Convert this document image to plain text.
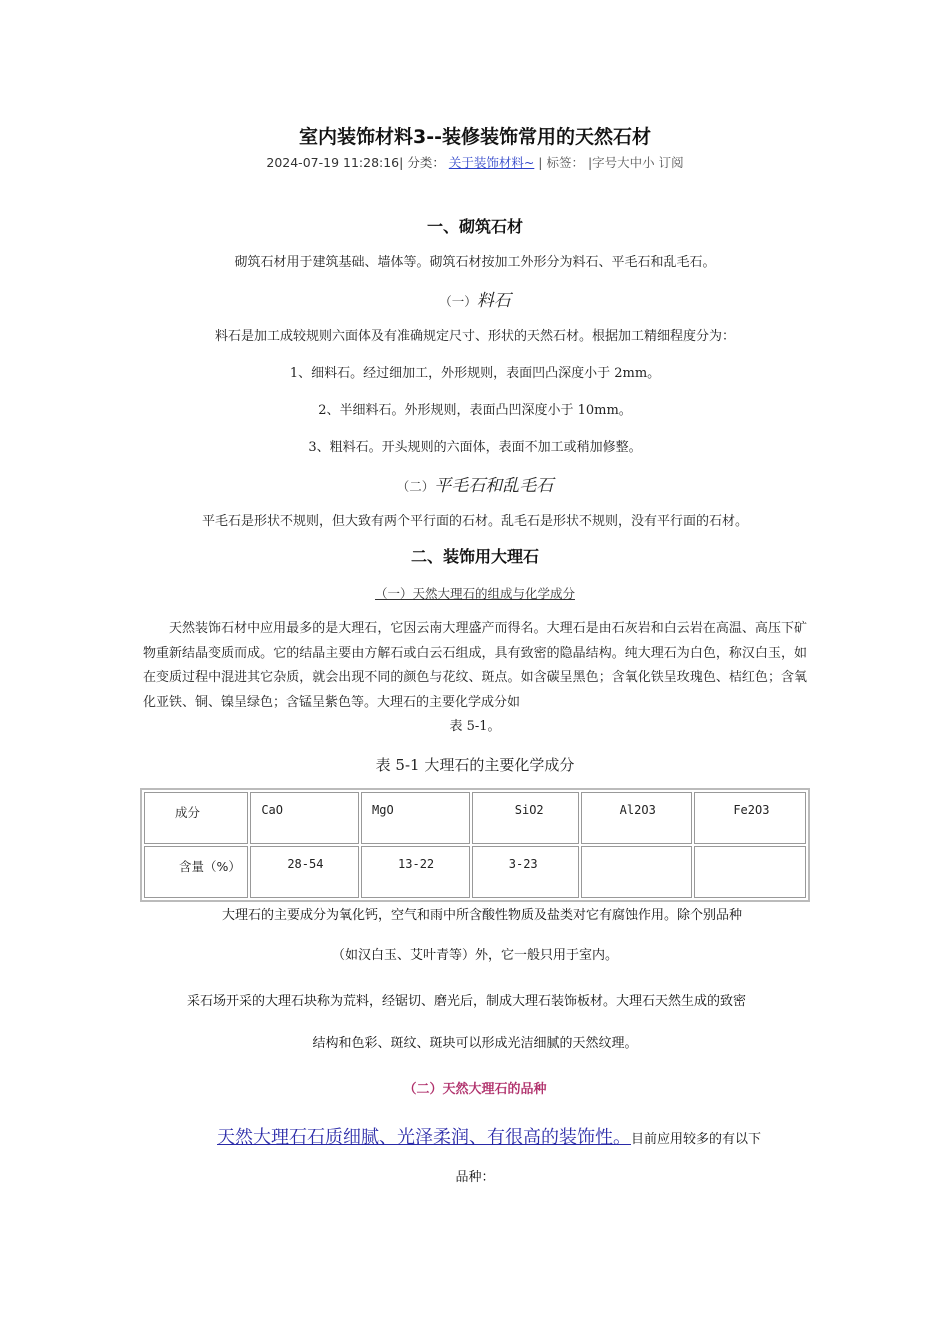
室内装饰材料3--装修装饰常用的天然石材
2024-07-19 11:28:16| 分类： 关于装饰材料~ | 标签： |字号大中小 订阅
一、砌筑石材
砌筑石材用于建筑基础、墙体等。砌筑石材按加工外形分为料石、平毛石和乱毛石。
（一）料石
料石是加工成较规则六面体及有准确规定尺寸、形状的天然石材。根据加工精细程度分为：
1、细料石。经过细加工，外形规则，表面凹凸深度小于 2mm。
2、半细料石。外形规则，表面凸凹深度小于 10mm。
3、粗料石。开头规则的六面体，表面不加工或稍加修整。
（二）平毛石和乱毛石
平毛石是形状不规则，但大致有两个平行面的石材。乱毛石是形状不规则，没有平行面的石材。
二、装饰用大理石
（一）天然大理石的组成与化学成分
天然装饰石材中应用最多的是大理石，它因云南大理盛产而得名。大理石是由石灰岩和白云岩在高温、高压下矿物重新结晶变质而成。它的结晶主要由方解石或白云石组成，具有致密的隐晶结构。纯大理石为白色，称汉白玉，如在变质过程中混进其它杂质，就会出现不同的颜色与花纹、斑点。如含碳呈黑色；含氧化铁呈玫瑰色、桔红色；含氧化亚铁、铜、镍呈绿色；含锰呈紫色等。大理石的主要化学成分如
表 5-1。
表 5-1 大理石的主要化学成分
成分	CaO	MgO	SiO2	Al2O3	Fe2O3
含量（%）	28-54	13-22	3-23		
大理石的主要成分为氧化钙，空气和雨中所含酸性物质及盐类对它有腐蚀作用。除个别品种
（如汉白玉、艾叶青等）外，它一般只用于室内。
采石场开采的大理石块称为荒料，经锯切、磨光后，制成大理石装饰板材。大理石天然生成的致密
结构和色彩、斑纹、斑块可以形成光洁细腻的天然纹理。
（二）天然大理石的品种
天然大理石石质细腻、光泽柔润、有很高的装饰性。目前应用较多的有以下
品种：
